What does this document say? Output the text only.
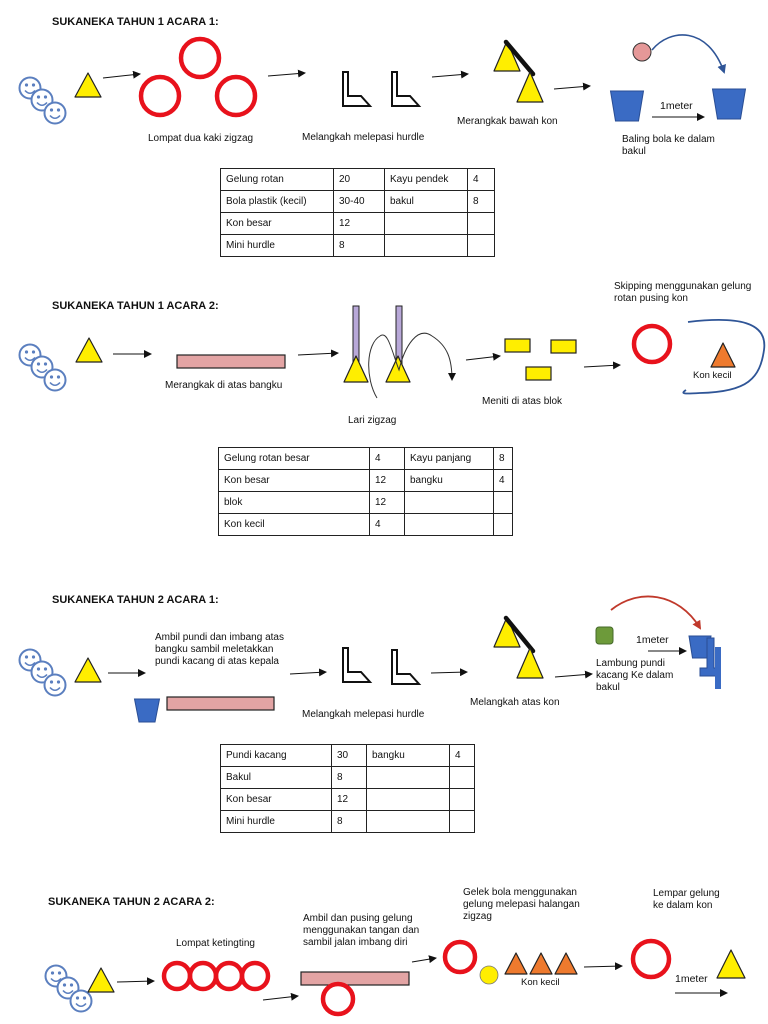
SUKANEKA TAHUN 1 ACARA 1:
Lompat dua kaki zigzag	Melangkah melepasi hurdle
Merangkak bawah kon
1meter
Baling bola ke dalam bakul
Gelung rotan	20	Kayu pendek	4
Bola plastik (kecil)	30-40	bakul	8
Kon besar	12		
Mini hurdle	8		
SUKANEKA TAHUN 1 ACARA 2:
Merangkak di atas bangku
Lari zigzag
Meniti di atas blok
Skipping menggunakan gelung rotan pusing kon
Kon kecil
Gelung rotan besar	4	Kayu panjang	8
Kon besar	12	bangku	4
blok	12		
Kon kecil	4		
SUKANEKA TAHUN 2 ACARA 1:
Ambil pundi dan imbang atas bangku sambil meletakkan pundi kacang di atas kepala
Melangkah melepasi hurdle
Melangkah atas kon
1meter
Lambung pundi kacang Ke dalam bakul
Pundi kacang	30	bangku	4
Bakul	8		
Kon besar	12		
Mini hurdle	8		
SUKANEKA TAHUN 2 ACARA 2:
Lompat ketingting
Ambil dan pusing gelung menggunakan tangan dan sambil jalan imbang diri
Gelek bola menggunakan gelung melepasi halangan zigzag
Kon kecil
Lempar gelung ke dalam kon
1meter
